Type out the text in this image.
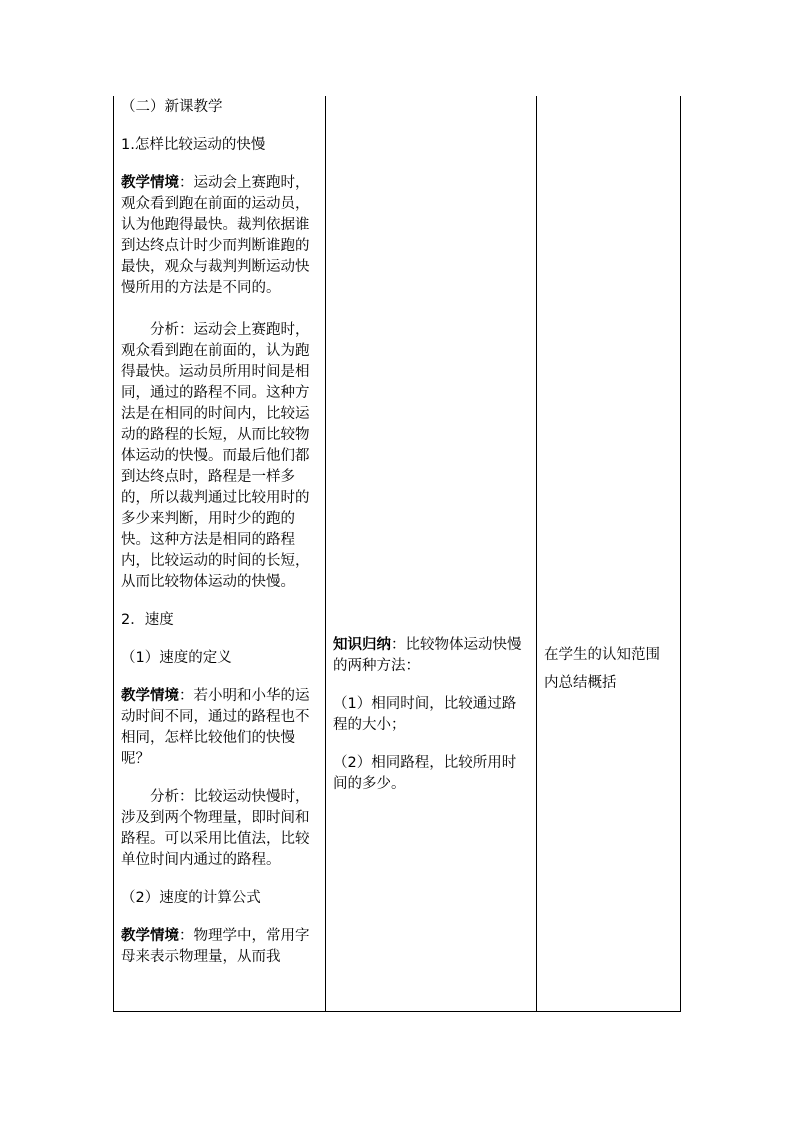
（二）新课教学

1.怎样比较运动的快慢

教学情境：运动会上赛跑时，观众看到跑在前面的运动员，认为他跑得最快。裁判依据谁到达终点计时少而判断谁跑的最快，观众与裁判判断运动快慢所用的方法是不同的。

分析：运动会上赛跑时，观众看到跑在前面的，认为跑得最快。运动员所用时间是相同，通过的路程不同。这种方法是在相同的时间内，比较运动的路程的长短，从而比较物体运动的快慢。而最后他们都到达终点时，路程是一样多的，所以裁判通过比较用时的多少来判断，用时少的跑的快。这种方法是相同的路程内，比较运动的时间的长短，从而比较物体运动的快慢。

2．速度

（1）速度的定义

教学情境：若小明和小华的运动时间不同，通过的路程也不相同，怎样比较他们的快慢呢？

分析：比较运动快慢时，涉及到两个物理量，即时间和路程。可以采用比值法，比较单位时间内通过的路程。

（2）速度的计算公式

教学情境：物理学中，常用字母来表示物理量，从而我

知识归纳：比较物体运动快慢的两种方法：

（1）相同时间，比较通过路程的大小；

（2）相同路程，比较所用时间的多少。

在学生的认知范围内总结概括
